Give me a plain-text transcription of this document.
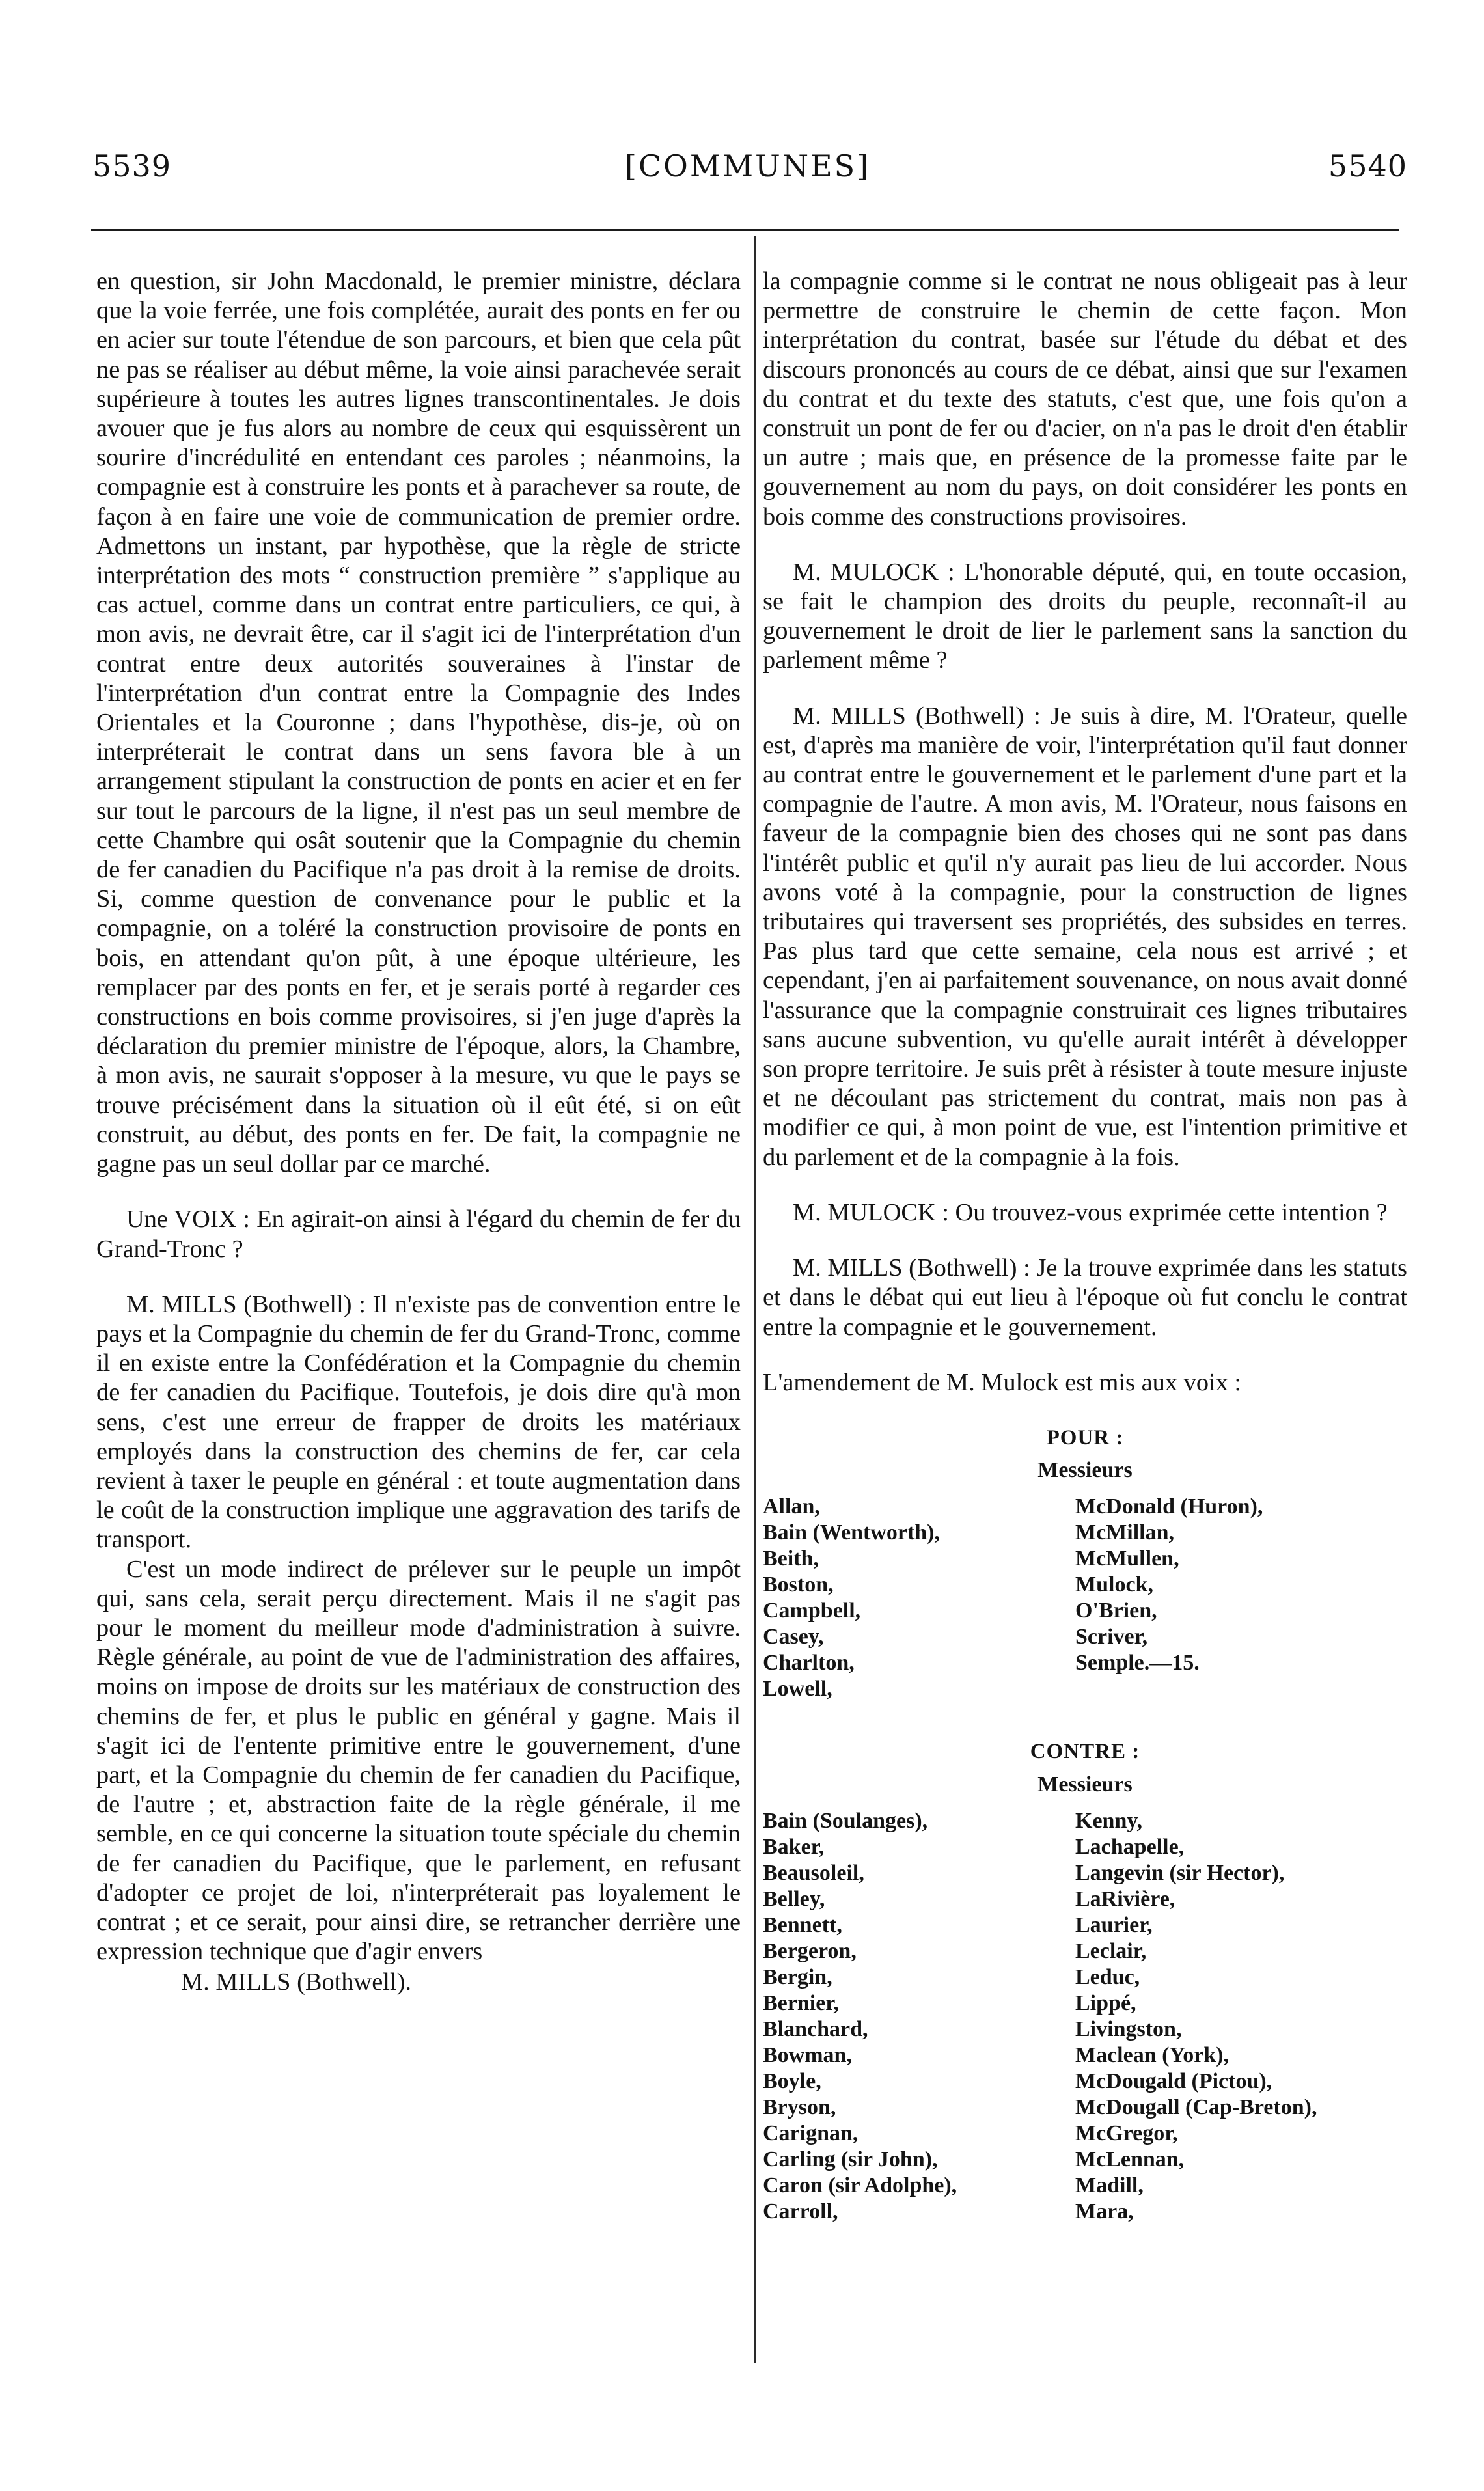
5539	[COMMUNES]	5540

en question, sir John Macdonald, le premier ministre, déclara que la voie ferrée, une fois complétée, aurait des ponts en fer ou en acier sur toute l'étendue de son parcours, et bien que cela pût ne pas se réaliser au début même, la voie ainsi parachevée serait supérieure à toutes les autres lignes transcontinentales. Je dois avouer que je fus alors au nombre de ceux qui esquissèrent un sourire d'incrédulité en entendant ces paroles ; néanmoins, la compagnie est à construire les ponts et à parachever sa route, de façon à en faire une voie de communication de premier ordre. Admettons un instant, par hypothèse, que la règle de stricte interprétation des mots “ construction première ” s'applique au cas actuel, comme dans un contrat entre particuliers, ce qui, à mon avis, ne devrait être, car il s'agit ici de l'interprétation d'un contrat entre deux autorités souveraines à l'instar de l'interprétation d'un contrat entre la Compagnie des Indes Orientales et la Couronne ; dans l'hypothèse, dis-je, où on interpréterait le contrat dans un sens favora ble à un arrangement stipulant la construction de ponts en acier et en fer sur tout le parcours de la ligne, il n'est pas un seul membre de cette Chambre qui osât soutenir que la Compagnie du chemin de fer canadien du Pacifique n'a pas droit à la remise de droits. Si, comme question de convenance pour le public et la compagnie, on a toléré la construction provisoire de ponts en bois, en attendant qu'on pût, à une époque ultérieure, les remplacer par des ponts en fer, et je serais porté à regarder ces constructions en bois comme provisoires, si j'en juge d'après la déclaration du premier ministre de l'époque, alors, la Chambre, à mon avis, ne saurait s'opposer à la mesure, vu que le pays se trouve précisément dans la situation où il eût été, si on eût construit, au début, des ponts en fer. De fait, la compagnie ne gagne pas un seul dollar par ce marché.

Une VOIX : En agirait-on ainsi à l'égard du chemin de fer du Grand-Tronc ?

M. MILLS (Bothwell) : Il n'existe pas de convention entre le pays et la Compagnie du chemin de fer du Grand-Tronc, comme il en existe entre la Confédération et la Compagnie du chemin de fer canadien du Pacifique. Toutefois, je dois dire qu'à mon sens, c'est une erreur de frapper de droits les matériaux employés dans la construction des chemins de fer, car cela revient à taxer le peuple en général : et toute augmentation dans le coût de la construction implique une aggravation des tarifs de transport.

C'est un mode indirect de prélever sur le peuple un impôt qui, sans cela, serait perçu directement. Mais il ne s'agit pas pour le moment du meilleur mode d'administration à suivre. Règle générale, au point de vue de l'administration des affaires, moins on impose de droits sur les matériaux de construction des chemins de fer, et plus le public en général y gagne. Mais il s'agit ici de l'entente primitive entre le gouvernement, d'une part, et la Compagnie du chemin de fer canadien du Pacifique, de l'autre ; et, abstraction faite de la règle générale, il me semble, en ce qui concerne la situation toute spéciale du chemin de fer canadien du Pacifique, que le parlement, en refusant d'adopter ce projet de loi, n'interpréterait pas loyalement le contrat ; et ce serait, pour ainsi dire, se retrancher derrière une expression technique que d'agir envers

M. MILLS (Bothwell).

la compagnie comme si le contrat ne nous obligeait pas à leur permettre de construire le chemin de cette façon. Mon interprétation du contrat, basée sur l'étude du débat et des discours prononcés au cours de ce débat, ainsi que sur l'examen du contrat et du texte des statuts, c'est que, une fois qu'on a construit un pont de fer ou d'acier, on n'a pas le droit d'en établir un autre ; mais que, en présence de la promesse faite par le gouvernement au nom du pays, on doit considérer les ponts en bois comme des constructions provisoires.

M. MULOCK : L'honorable député, qui, en toute occasion, se fait le champion des droits du peuple, reconnaît-il au gouvernement le droit de lier le parlement sans la sanction du parlement même ?

M. MILLS (Bothwell) : Je suis à dire, M. l'Orateur, quelle est, d'après ma manière de voir, l'interprétation qu'il faut donner au contrat entre le gouvernement et le parlement d'une part et la compagnie de l'autre. A mon avis, M. l'Orateur, nous faisons en faveur de la compagnie bien des choses qui ne sont pas dans l'intérêt public et qu'il n'y aurait pas lieu de lui accorder. Nous avons voté à la compagnie, pour la construction de lignes tributaires qui traversent ses propriétés, des subsides en terres. Pas plus tard que cette semaine, cela nous est arrivé ; et cependant, j'en ai parfaitement souvenance, on nous avait donné l'assurance que la compagnie construirait ces lignes tributaires sans aucune subvention, vu qu'elle aurait intérêt à développer son propre territoire. Je suis prêt à résister à toute mesure injuste et ne découlant pas strictement du contrat, mais non pas à modifier ce qui, à mon point de vue, est l'intention primitive et du parlement et de la compagnie à la fois.

M. MULOCK : Ou trouvez-vous exprimée cette intention ?

M. MILLS (Bothwell) : Je la trouve exprimée dans les statuts et dans le débat qui eut lieu à l'époque où fut conclu le contrat entre la compagnie et le gouvernement.

L'amendement de M. Mulock est mis aux voix :

POUR :
Messieurs
Allan,
Bain (Wentworth),
Beith,
Boston,
Campbell,
Casey,
Charlton,
Lowell,
McDonald (Huron),
McMillan,
McMullen,
Mulock,
O'Brien,
Scriver,
Semple.—15.
CONTRE :
Messieurs
Bain (Soulanges),
Baker,
Beausoleil,
Belley,
Bennett,
Bergeron,
Bergin,
Bernier,
Blanchard,
Bowman,
Boyle,
Bryson,
Carignan,
Carling (sir John),
Caron (sir Adolphe),
Carroll,
Kenny,
Lachapelle,
Langevin (sir Hector),
LaRivière,
Laurier,
Leclair,
Leduc,
Lippé,
Livingston,
Maclean (York),
McDougald (Pictou),
McDougall (Cap-Breton),
McGregor,
McLennan,
Madill,
Mara,
